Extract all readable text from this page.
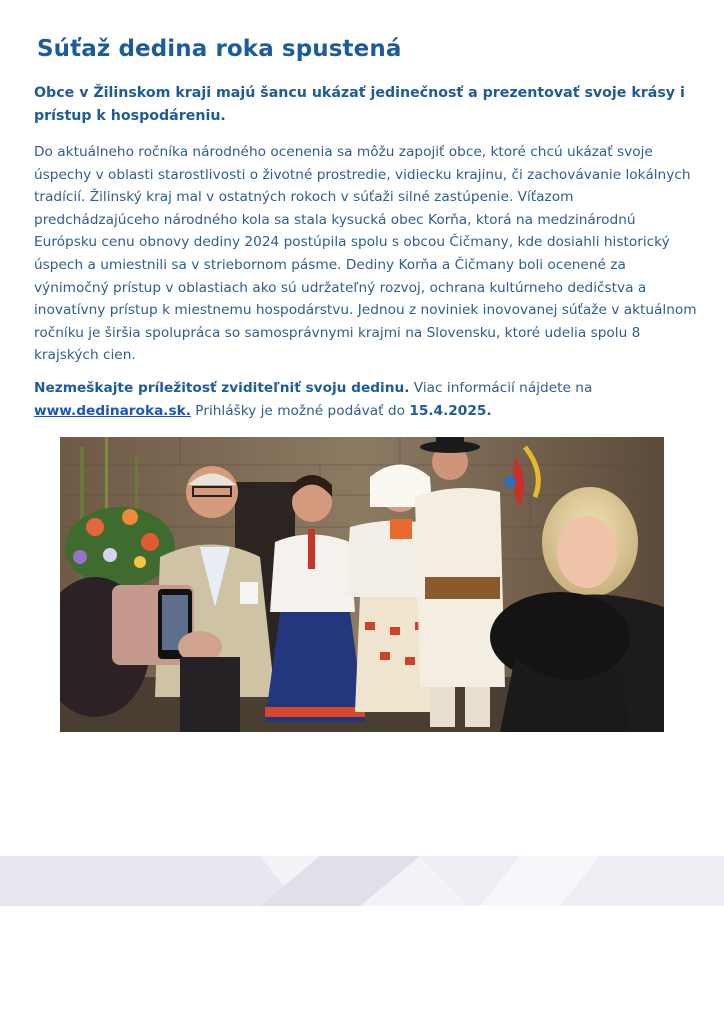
Súťaž dedina roka spustená

Obce v Žilinskom kraji majú šancu ukázať jedinečnosť a prezentovať svoje krásy i prístup k hospodáreniu.

Do aktuálneho ročníka národného ocenenia sa môžu zapojiť obce, ktoré chcú ukázať svoje
úspechy v oblasti starostlivosti o životné prostredie, vidiecku krajinu, či zachovávanie lokálnych
tradícií. Žilinský kraj mal v ostatných rokoch v súťaži silné zastúpenie. Víťazom
predchádzajúceho národného kola sa stala kysucká obec Korňa, ktorá na medzinárodnú
Európsku cenu obnovy dediny 2024 postúpila spolu s obcou Čičmany, kde dosiahli historický
úspech a umiestnili sa v striebornom pásme. Dediny Korňa a Čičmany boli ocenené za
výnimočný prístup v oblastiach ako sú udržateľný rozvoj, ochrana kultúrneho dedičstva a
inovatívny prístup k miestnemu hospodárstvu. Jednou z noviniek inovovanej súťaže v aktuálnom
ročníku je širšia spolupráca so samosprávnymi krajmi na Slovensku, ktoré udelia spolu 8
krajských cien.

Nezmeškajte príležitosť zviditeľniť svoju dedinu. Viac informácií nájdete na
www.dedinaroka.sk. Prihlášky je možné podávať do 15.4.2025.
